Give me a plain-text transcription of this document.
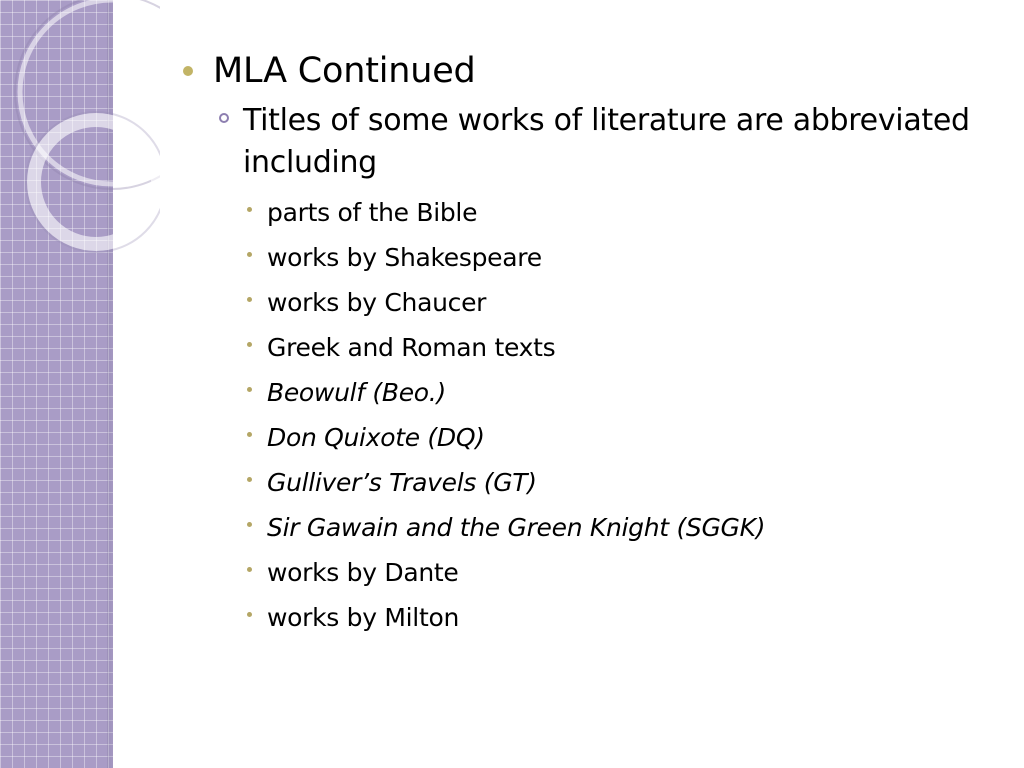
MLA Continued
Titles of some works of literature are abbreviated including
parts of the Bible
works by Shakespeare
works by Chaucer
Greek and Roman texts
Beowulf (Beo.)
Don Quixote (DQ)
Gulliver’s Travels (GT)
Sir Gawain and the Green Knight (SGGK)
works by Dante
works by Milton
